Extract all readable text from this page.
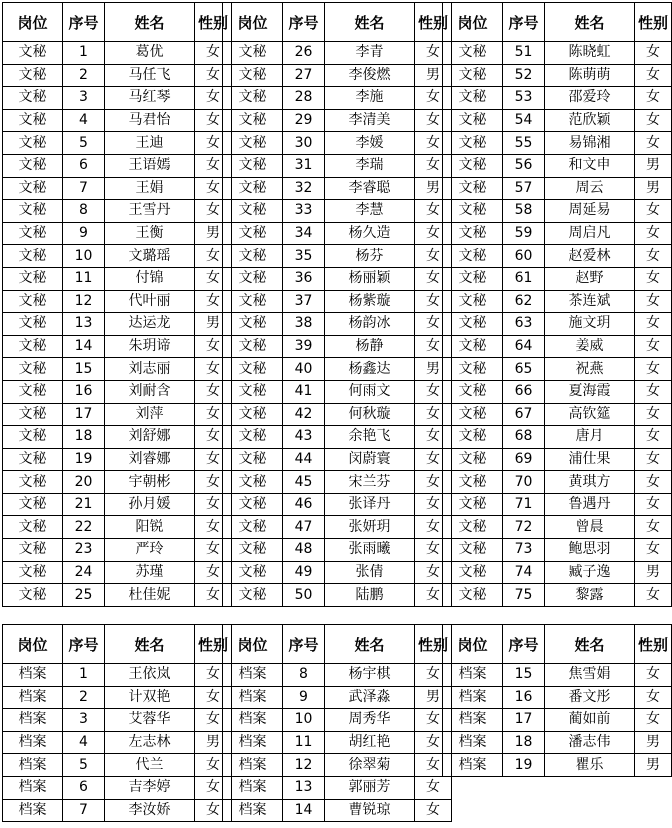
岗位	序号	姓名	性别
文秘	1	葛优	女
文秘	2	马任飞	女
文秘	3	马红琴	女
文秘	4	马君怡	女
文秘	5	王迪	女
文秘	6	王语嫣	女
文秘	7	王娟	女
文秘	8	王雪丹	女
文秘	9	王衡	男
文秘	10	文璐瑶	女
文秘	11	付锦	女
文秘	12	代叶丽	女
文秘	13	达运龙	男
文秘	14	朱玥谛	女
文秘	15	刘志丽	女
文秘	16	刘耐含	女
文秘	17	刘萍	女
文秘	18	刘舒娜	女
文秘	19	刘睿娜	女
文秘	20	宇朝彬	女
文秘	21	孙月媛	女
文秘	22	阳锐	女
文秘	23	严玲	女
文秘	24	苏瑾	女
文秘	25	杜佳妮	女
岗位	序号	姓名	性别
文秘	26	李青	女
文秘	27	李俊燃	男
文秘	28	李施	女
文秘	29	李清美	女
文秘	30	李媛	女
文秘	31	李瑞	女
文秘	32	李睿聪	男
文秘	33	李慧	女
文秘	34	杨久造	女
文秘	35	杨芬	女
文秘	36	杨丽颖	女
文秘	37	杨紫璇	女
文秘	38	杨韵冰	女
文秘	39	杨静	女
文秘	40	杨鑫达	男
文秘	41	何雨文	女
文秘	42	何秋璇	女
文秘	43	余艳飞	女
文秘	44	闵蔚寰	女
文秘	45	宋兰芬	女
文秘	46	张译丹	女
文秘	47	张妍玥	女
文秘	48	张雨曦	女
文秘	49	张倩	女
文秘	50	陆鹏	女
岗位	序号	姓名	性别
文秘	51	陈晓虹	女
文秘	52	陈萌萌	女
文秘	53	邵爱玲	女
文秘	54	范欣颖	女
文秘	55	易锦湘	女
文秘	56	和文申	男
文秘	57	周云	男
文秘	58	周延易	女
文秘	59	周启凡	女
文秘	60	赵爱林	女
文秘	61	赵野	女
文秘	62	茶连斌	女
文秘	63	施文玥	女
文秘	64	姜威	女
文秘	65	祝燕	女
文秘	66	夏海霞	女
文秘	67	高钦筵	女
文秘	68	唐月	女
文秘	69	浦仕果	女
文秘	70	黄琪方	女
文秘	71	鲁遇丹	女
文秘	72	曾晨	女
文秘	73	鲍思羽	女
文秘	74	臧子逸	男
文秘	75	黎露	女
岗位	序号	姓名	性别
档案	1	王依岚	女
档案	2	计双艳	女
档案	3	艾蓉华	女
档案	4	左志林	男
档案	5	代兰	女
档案	6	吉李婷	女
档案	7	李汝娇	女
岗位	序号	姓名	性别
档案	8	杨宇棋	女
档案	9	武泽淼	男
档案	10	周秀华	女
档案	11	胡红艳	女
档案	12	徐翠菊	女
档案	13	郭丽芳	女
档案	14	曹锐琼	女
岗位	序号	姓名	性别
档案	15	焦雪娟	女
档案	16	番文彤	女
档案	17	蔺如前	女
档案	18	潘志伟	男
档案	19	瞿乐	男
